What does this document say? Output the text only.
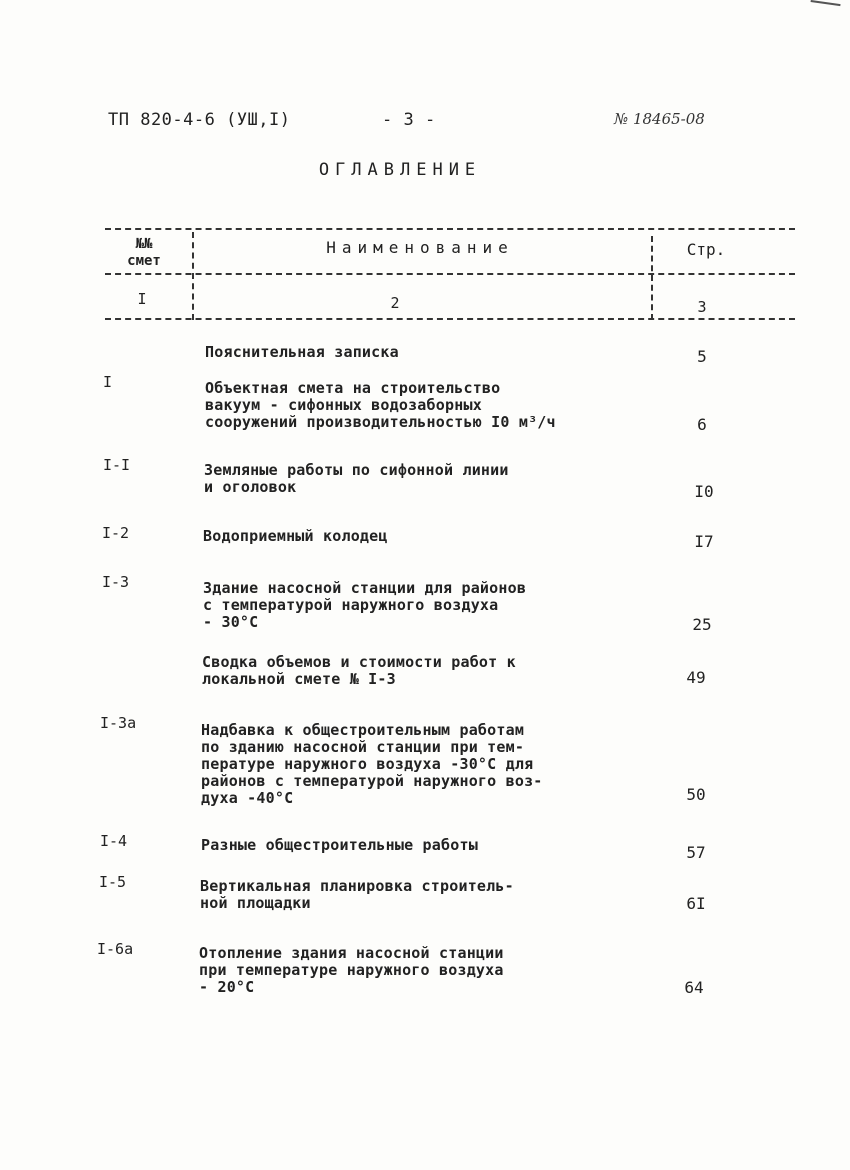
ТП 820-4-6 (УШ,I)	- 3 -	№ 18465-08
ОГЛАВЛЕНИЕ
№№
смет
Наименование	Стр.
I	2	3
Пояснительная записка	5
I	Объектная смета на строительство
вакуум - сифонных водозаборных
сооружений производительностью I0 м³/ч	6
I-I	Земляные работы по сифонной линии
и оголовок	I0
I-2	Водоприемный колодец	I7
I-3	Здание насосной станции для районов
с температурой наружного воздуха
- 30°С	25
Сводка объемов и стоимости работ к
локальной смете № I-3	49
I-3а	Надбавка к общестроительным работам
по зданию насосной станции при тем-
пературе наружного воздуха -30°С для
районов с температурой наружного воз-
духа -40°С	50
I-4	Разные общестроительные работы	57
I-5	Вертикальная планировка строитель-
ной площадки	6I
I-6а	Отопление здания насосной станции
при температуре наружного воздуха
- 20°С	64
